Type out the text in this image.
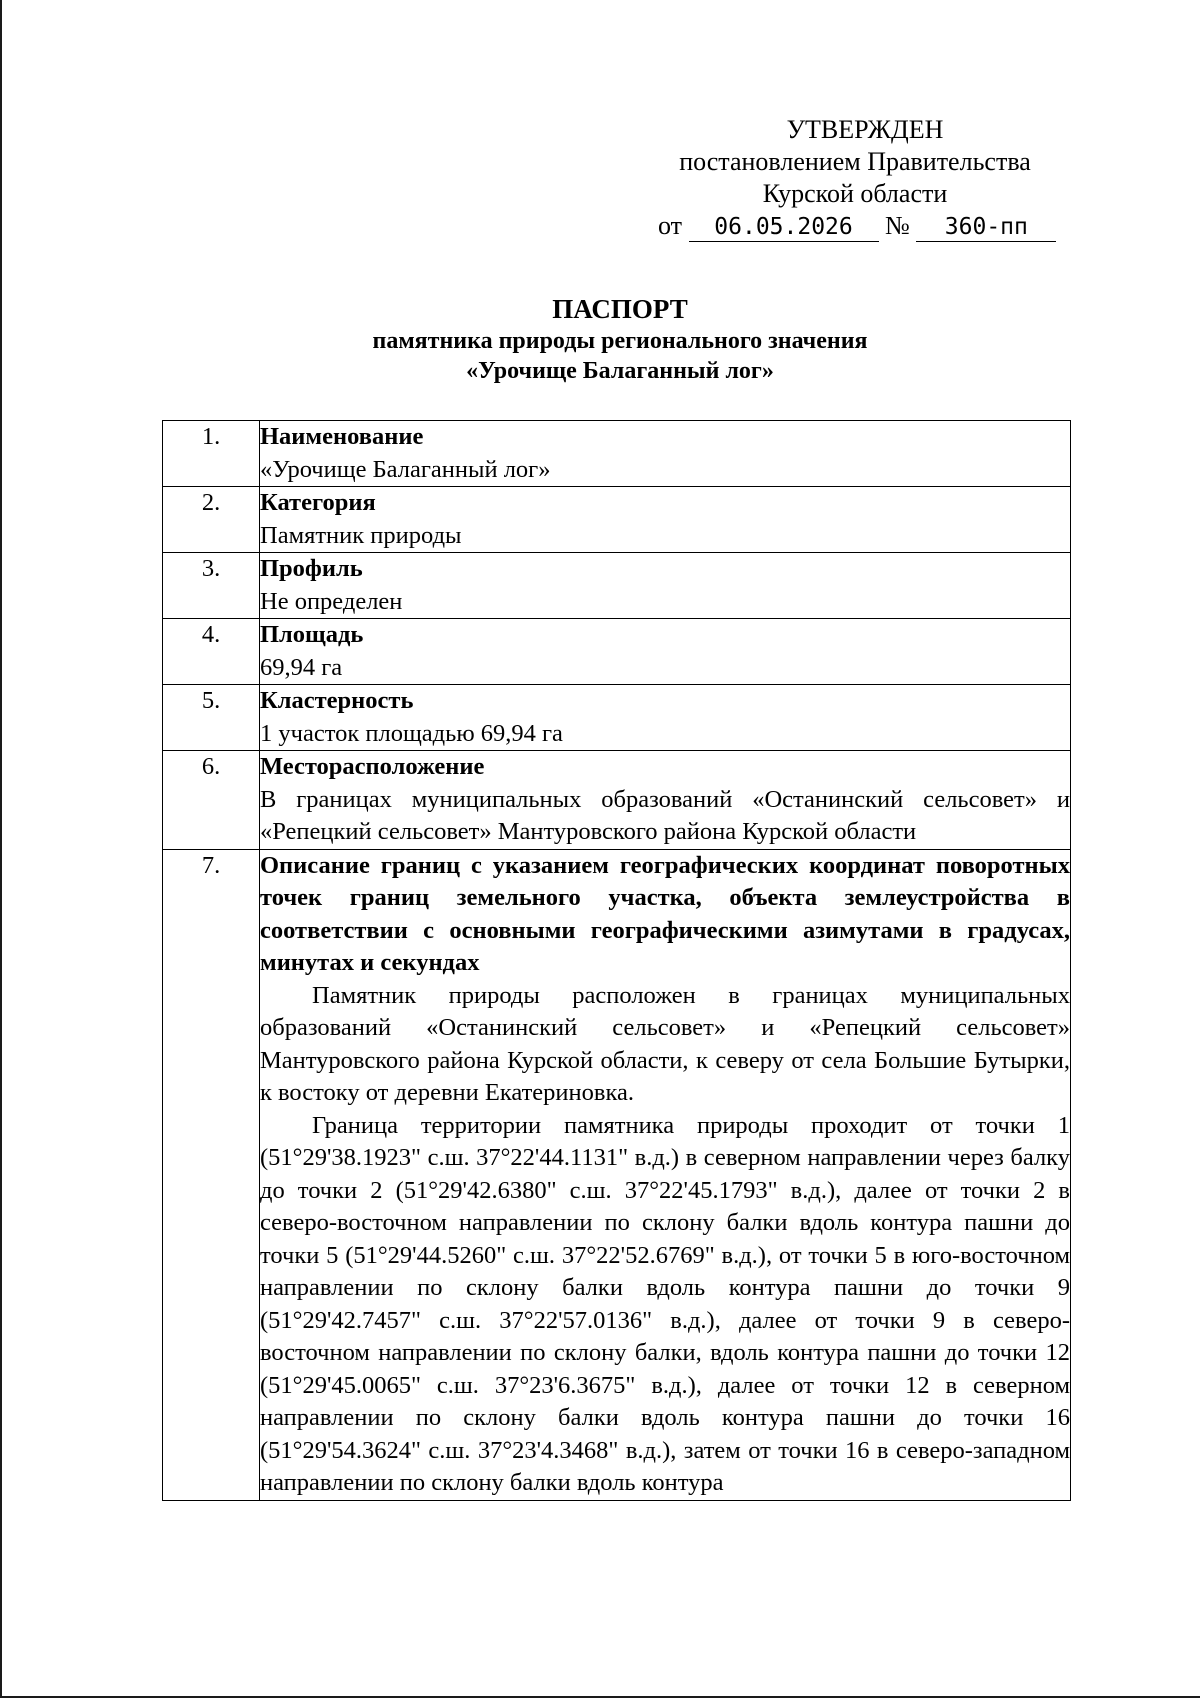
УТВЕРЖДЕН
постановлением Правительства
Курской области
от 06.05.2026 № 360-пп
ПАСПОРТ
памятника природы регионального значения
«Урочище Балаганный лог»
1.	Наименование
«Урочище Балаганный лог»

2.	Категория
Памятник природы

3.	Профиль
Не определен

4.	Площадь
69,94 га

5.	Кластерность
1 участок площадью 69,94 га

6.	Месторасположение
В границах муниципальных образований «Останинский сельсовет» и «Репецкий сельсовет» Мантуровского района Курской области

7.	Описание границ с указанием географических координат поворотных точек границ земельного участка, объекта землеустройства в соответствии с основными географическими азимутами в градусах, минутах и секундах
Памятник природы расположен в границах муниципальных образований «Останинский сельсовет» и «Репецкий сельсовет» Мантуровского района Курской области, к северу от села Большие Бутырки, к востоку от деревни Екатериновка.
Граница территории памятника природы проходит от точки 1 (51°29'38.1923" с.ш. 37°22'44.1131" в.д.) в северном направлении через балку до точки 2 (51°29'42.6380" с.ш. 37°22'45.1793" в.д.), далее от точки 2 в северо-восточном направлении по склону балки вдоль контура пашни до точки 5 (51°29'44.5260" с.ш. 37°22'52.6769" в.д.), от точки 5 в юго-восточном направлении по склону балки вдоль контура пашни до точки 9 (51°29'42.7457" с.ш. 37°22'57.0136" в.д.), далее от точки 9 в северо-восточном направлении по склону балки, вдоль контура пашни до точки 12 (51°29'45.0065" с.ш. 37°23'6.3675" в.д.), далее от точки 12 в северном направлении по склону балки вдоль контура пашни до точки 16 (51°29'54.3624" с.ш. 37°23'4.3468" в.д.), затем от точки 16 в северо-западном направлении по склону балки вдоль контура
